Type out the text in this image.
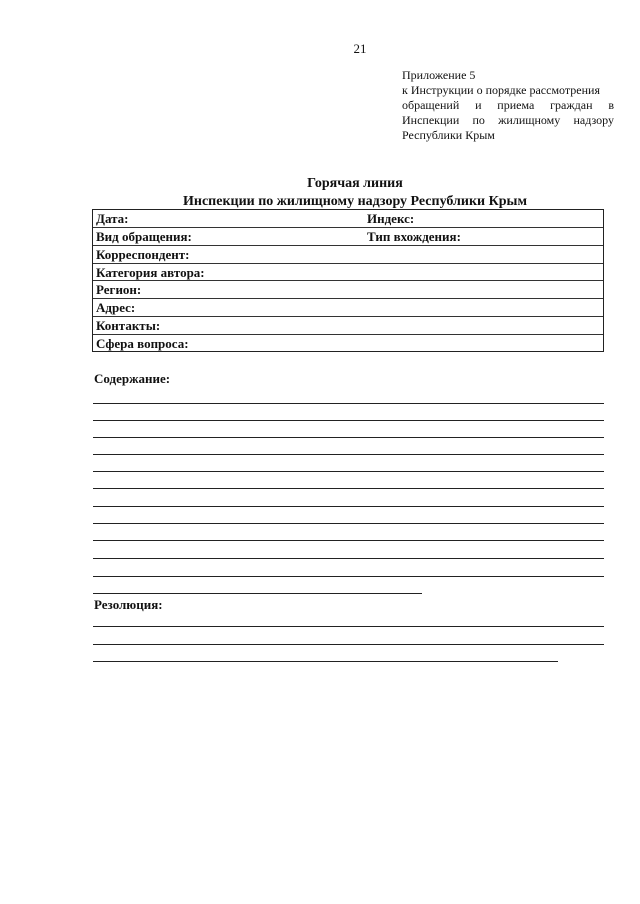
21
Приложение 5
к Инструкции о порядке рассмотрения
обращений и приема граждан в
Инспекции по жилищному надзору
Республики Крым
Горячая линия
Инспекции по жилищному надзору Республики Крым
Дата:	Индекс:
Вид обращения:	Тип вхождения:
Корреспондент:
Категория автора:
Регион:
Адрес:
Контакты:
Сфера вопроса:
Содержание:
Резолюция:
